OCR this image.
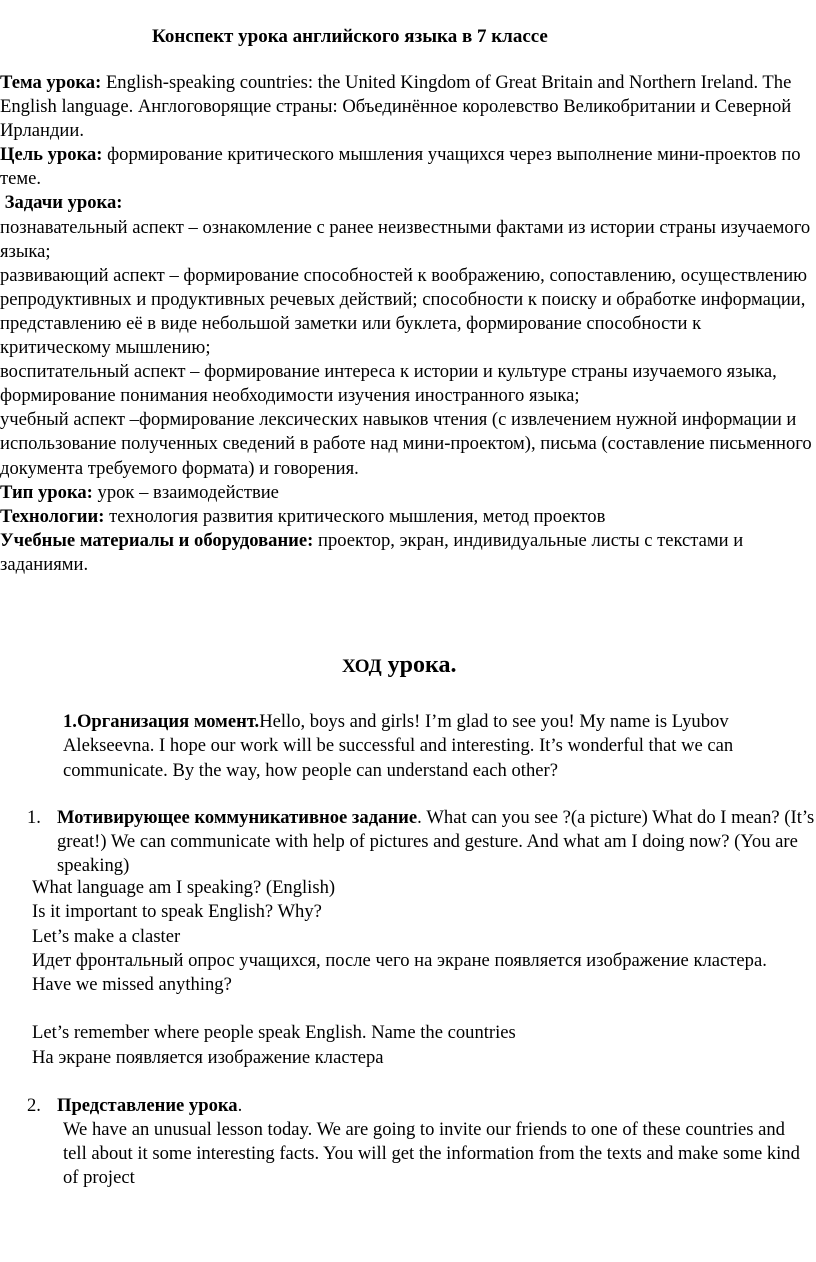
Конспект урока английского языка в 7 классе

Тема урока: English-speaking countries: the United Kingdom of Great Britain and Northern Ireland. The English language. Англоговорящие страны: Объединённое королевство Великобритании и Северной Ирландии.

Цель урока: формирование критического мышления учащихся через выполнение мини-проектов по теме.

Задачи урока:

познавательный аспект – ознакомление с ранее неизвестными фактами из истории страны изучаемого языка;

развивающий аспект – формирование способностей к воображению, сопоставлению, осуществлению репродуктивных и продуктивных речевых действий; способности к поиску и обработке информации, представлению её в виде небольшой заметки или буклета, формирование способности к критическому мышлению;

воспитательный аспект – формирование интереса к истории и культуре страны изучаемого языка, формирование понимания необходимости изучения иностранного языка;

учебный аспект –формирование лексических навыков чтения (с извлечением нужной информации и использование полученных сведений в работе над мини-проектом), письма (составление письменного документа требуемого формата) и говорения.

Тип урока: урок – взаимодействие

Технологии: технология развития критического мышления, метод проектов

Учебные материалы и оборудование: проектор, экран, индивидуальные листы с текстами и заданиями.

ХОД урока.
1.Организация момент.Hello, boys and girls! I’m glad to see you! My name is Lyubov Alekseevna. I hope our work will be successful and interesting. It’s wonderful that we can communicate. By the way, how people can understand each other?
1. Мотивирующее коммуникативное задание. What can you see ?(a picture) What do I mean? (It’s great!) We can communicate with help of pictures and gesture. And what am I doing now? (You are speaking)

What language am I speaking? (English)

Is it important to speak English? Why?

Let’s make a claster

Идет фронтальный опрос учащихся, после чего на экране появляется изображение кластера.

Have we missed anything?

Let’s remember where people speak English. Name the countries

На экране появляется изображение кластера

2. Представление урока.
We have an unusual lesson today. We are going to invite our friends to one of these countries and tell about it some interesting facts. You will get the information from the texts and make some kind of project
